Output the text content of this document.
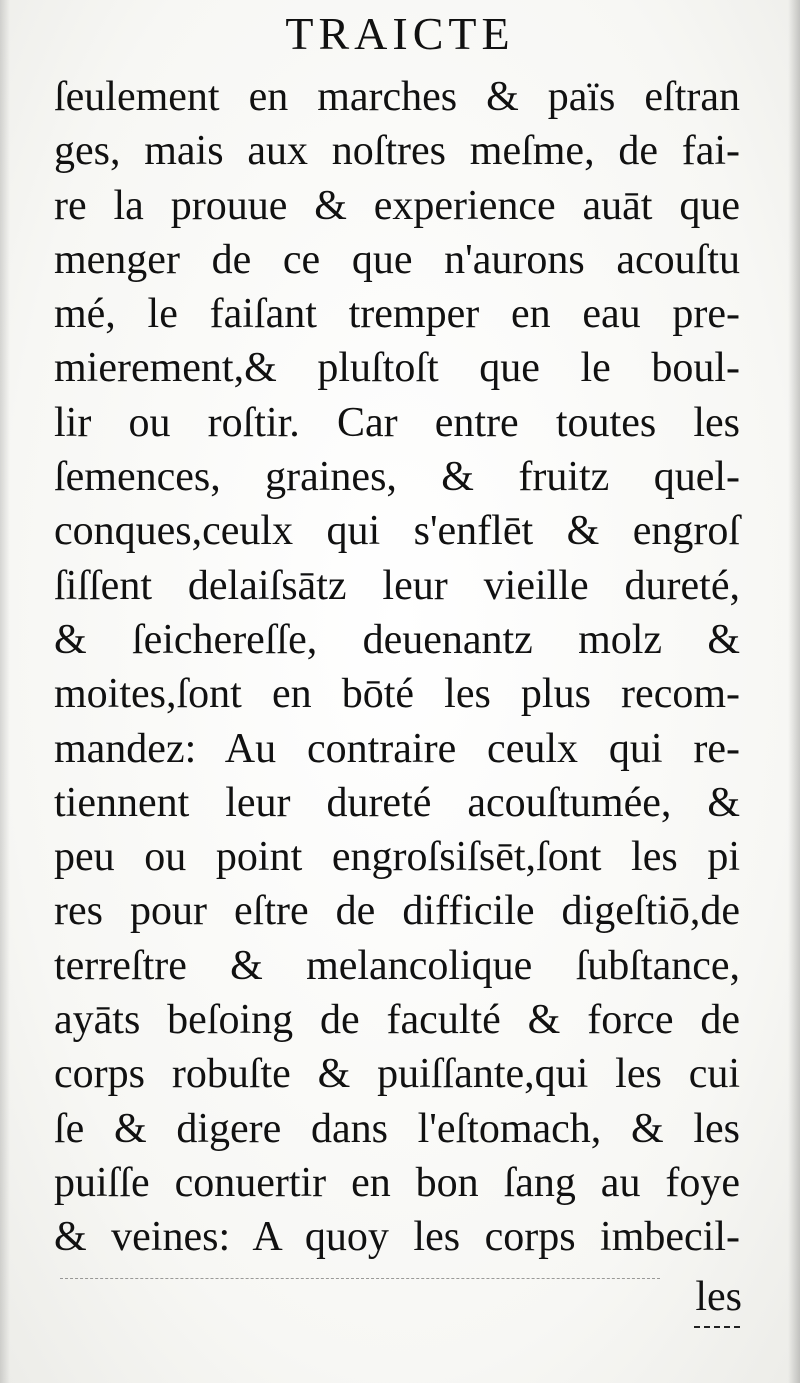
TRAICTE
ſeulement en marches & païs eſtran
ges, mais aux noſtres meſme, de fai-
re la prouue & experience auāt que
menger de ce que n'aurons acouſtu
mé, le faiſant tremper en eau pre-
mierement,& pluſtoſt que le boul-
lir ou roſtir. Car entre toutes les
ſemences, graines, & fruitz quel-
conques,ceulx qui s'enflēt & engroſ
ſiſſent delaiſsātz leur vieille dureté,
& ſeichereſſe, deuenantz molz &
moites,ſont en bōté les plus recom-
mandez: Au contraire ceulx qui re-
tiennent leur dureté acouſtumée, &
peu ou point engroſsiſsēt,ſont les pi
res pour eſtre de difficile digeſtiō,de
terreſtre & melancolique ſubſtance,
ayāts beſoing de faculté & force de
corps robuſte & puiſſante,qui les cui
ſe & digere dans l'eſtomach, & les
puiſſe conuertir en bon ſang au foye
& veines: A quoy les corps imbecil-
les
